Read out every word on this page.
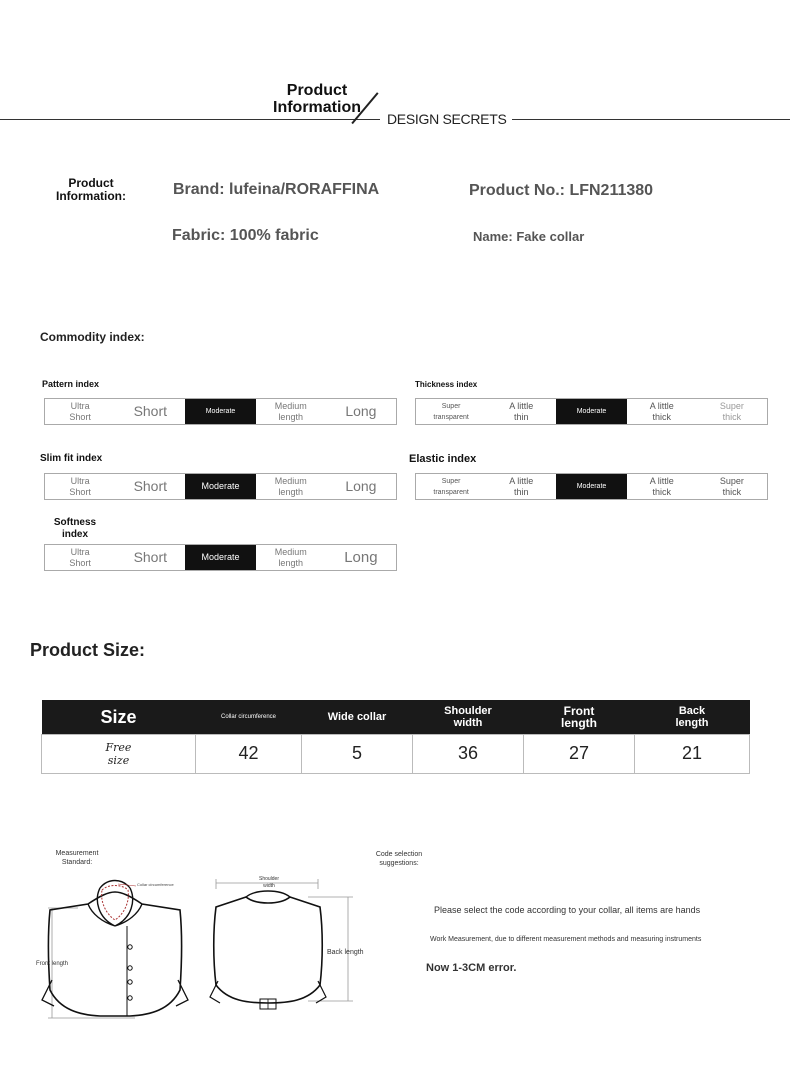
Product
Information
DESIGN SECRETS
Product
Information:	Brand: lufeina/RORAFFINA	Product No.: LFN211380
Fabric: 100% fabric	Name: Fake collar
Commodity index:
Pattern index
Ultra
Short	Short	Moderate
Medium
length	Long
Thickness index
Super
transparent
A little
thin	Moderate
A little
thick
Super
thick
Slim fit index
Ultra
Short	Short	Moderate
Medium
length	Long
Elastic index
Super
transparent
A little
thin	Moderate
A little
thick
Super
thick
Softness
index
Ultra
Short	Short	Moderate
Medium
length	Long
Product Size:
Size	Collar circumference	Wide collar	Shoulder
width	Front
length	Back
length

Free
size	42	5	36	27	21
Measurement
Standard:
Collar circumference
Front length
Shoulder
width
Back length
Code selection
suggestions:
Please select the code according to your collar, all items are hands
Work Measurement, due to different measurement methods and measuring instruments
Now 1-3CM error.
